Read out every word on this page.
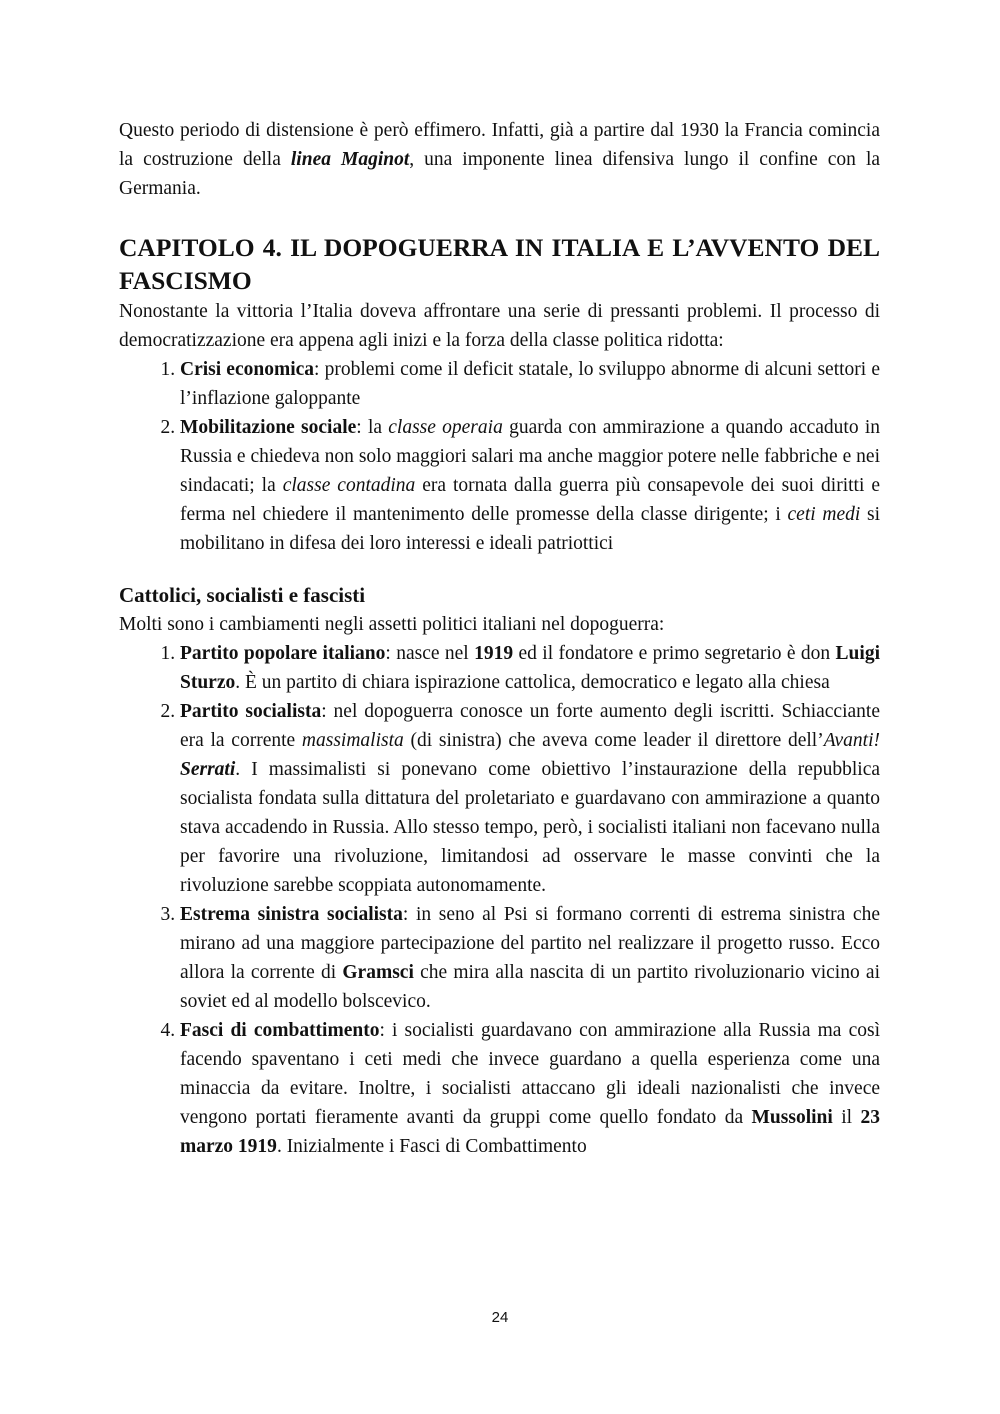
Questo periodo di distensione è però effimero. Infatti, già a partire dal 1930 la Francia comincia la costruzione della linea Maginot, una imponente linea difensiva lungo il confine con la Germania.

CAPITOLO 4. IL DOPOGUERRA IN ITALIA E L’AVVENTO DEL FASCISMO

Nonostante la vittoria l’Italia doveva affrontare una serie di pressanti problemi. Il processo di democratizzazione era appena agli inizi e la forza della classe politica ridotta:

1. Crisi economica: problemi come il deficit statale, lo sviluppo abnorme di alcuni settori e l’inflazione galoppante
2. Mobilitazione sociale: la classe operaia guarda con ammirazione a quando accaduto in Russia e chiedeva non solo maggiori salari ma anche maggior potere nelle fabbriche e nei sindacati; la classe contadina era tornata dalla guerra più consapevole dei suoi diritti e ferma nel chiedere il mantenimento delle promesse della classe dirigente; i ceti medi si mobilitano in difesa dei loro interessi e ideali patriottici
Cattolici, socialisti e fascisti

Molti sono i cambiamenti negli assetti politici italiani nel dopoguerra:

1. Partito popolare italiano: nasce nel 1919 ed il fondatore e primo segretario è don Luigi Sturzo. È un partito di chiara ispirazione cattolica, democratico e legato alla chiesa
2. Partito socialista: nel dopoguerra conosce un forte aumento degli iscritti. Schiacciante era la corrente massimalista (di sinistra) che aveva come leader il direttore dell’Avanti! Serrati. I massimalisti si ponevano come obiettivo l’instaurazione della repubblica socialista fondata sulla dittatura del proletariato e guardavano con ammirazione a quanto stava accadendo in Russia. Allo stesso tempo, però, i socialisti italiani non facevano nulla per favorire una rivoluzione, limitandosi ad osservare le masse convinti che la rivoluzione sarebbe scoppiata autonomamente.
3. Estrema sinistra socialista: in seno al Psi si formano correnti di estrema sinistra che mirano ad una maggiore partecipazione del partito nel realizzare il progetto russo. Ecco allora la corrente di Gramsci che mira alla nascita di un partito rivoluzionario vicino ai soviet ed al modello bolscevico.
4. Fasci di combattimento: i socialisti guardavano con ammirazione alla Russia ma così facendo spaventano i ceti medi che invece guardano a quella esperienza come una minaccia da evitare. Inoltre, i socialisti attaccano gli ideali nazionalisti che invece vengono portati fieramente avanti da gruppi come quello fondato da Mussolini il 23 marzo 1919. Inizialmente i Fasci di Combattimento
24
